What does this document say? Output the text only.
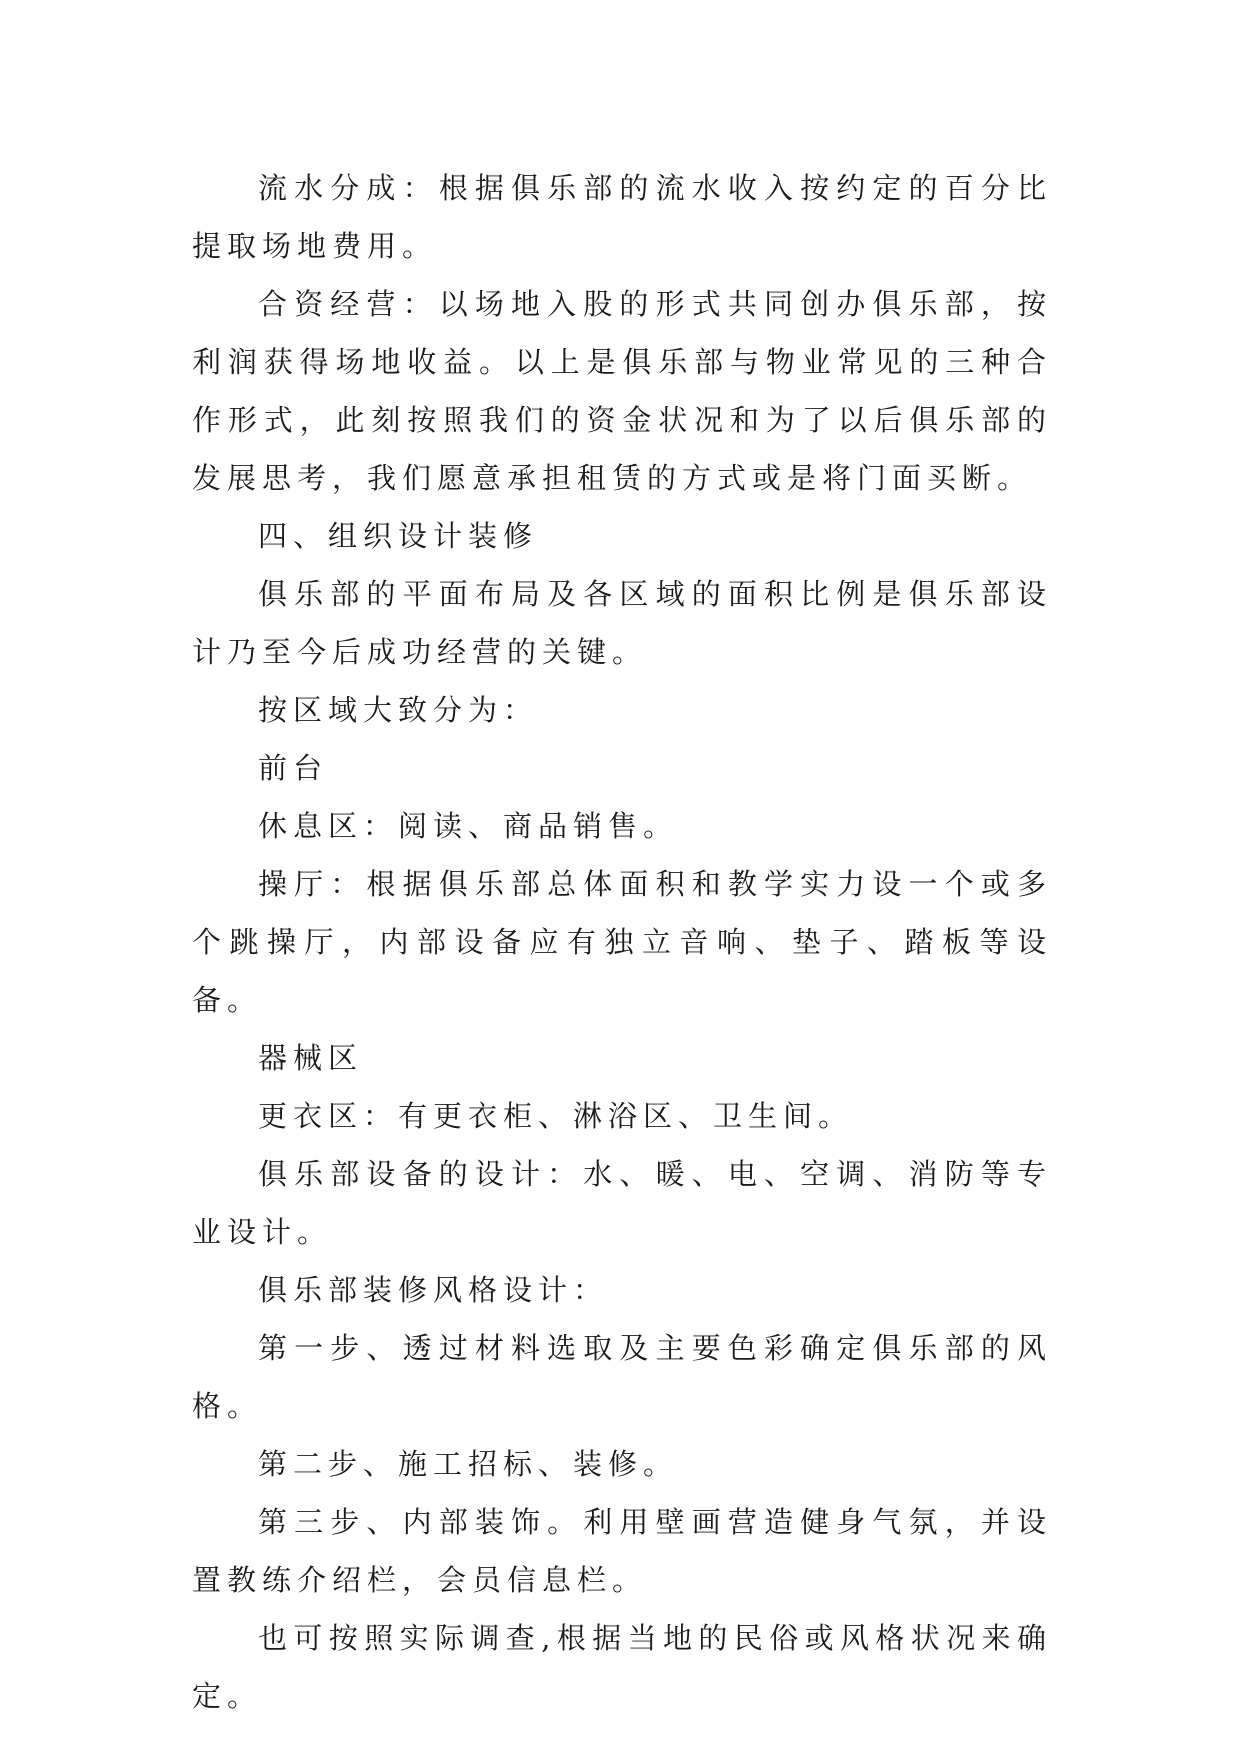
流水分成：根据俱乐部的流水收入按约定的百分比提取场地费用。

合资经营：以场地入股的形式共同创办俱乐部，按利润获得场地收益。以上是俱乐部与物业常见的三种合作形式，此刻按照我们的资金状况和为了以后俱乐部的发展思考，我们愿意承担租赁的方式或是将门面买断。

四、组织设计装修

俱乐部的平面布局及各区域的面积比例是俱乐部设计乃至今后成功经营的关键。

按区域大致分为：

前台

休息区：阅读、商品销售。

操厅：根据俱乐部总体面积和教学实力设一个或多个跳操厅，内部设备应有独立音响、垫子、踏板等设备。

器械区

更衣区：有更衣柜、淋浴区、卫生间。

俱乐部设备的设计：水、暖、电、空调、消防等专业设计。

俱乐部装修风格设计：

第一步、透过材料选取及主要色彩确定俱乐部的风格。

第二步、施工招标、装修。

第三步、内部装饰。利用壁画营造健身气氛，并设置教练介绍栏，会员信息栏。

也可按照实际调查,根据当地的民俗或风格状况来确定。
